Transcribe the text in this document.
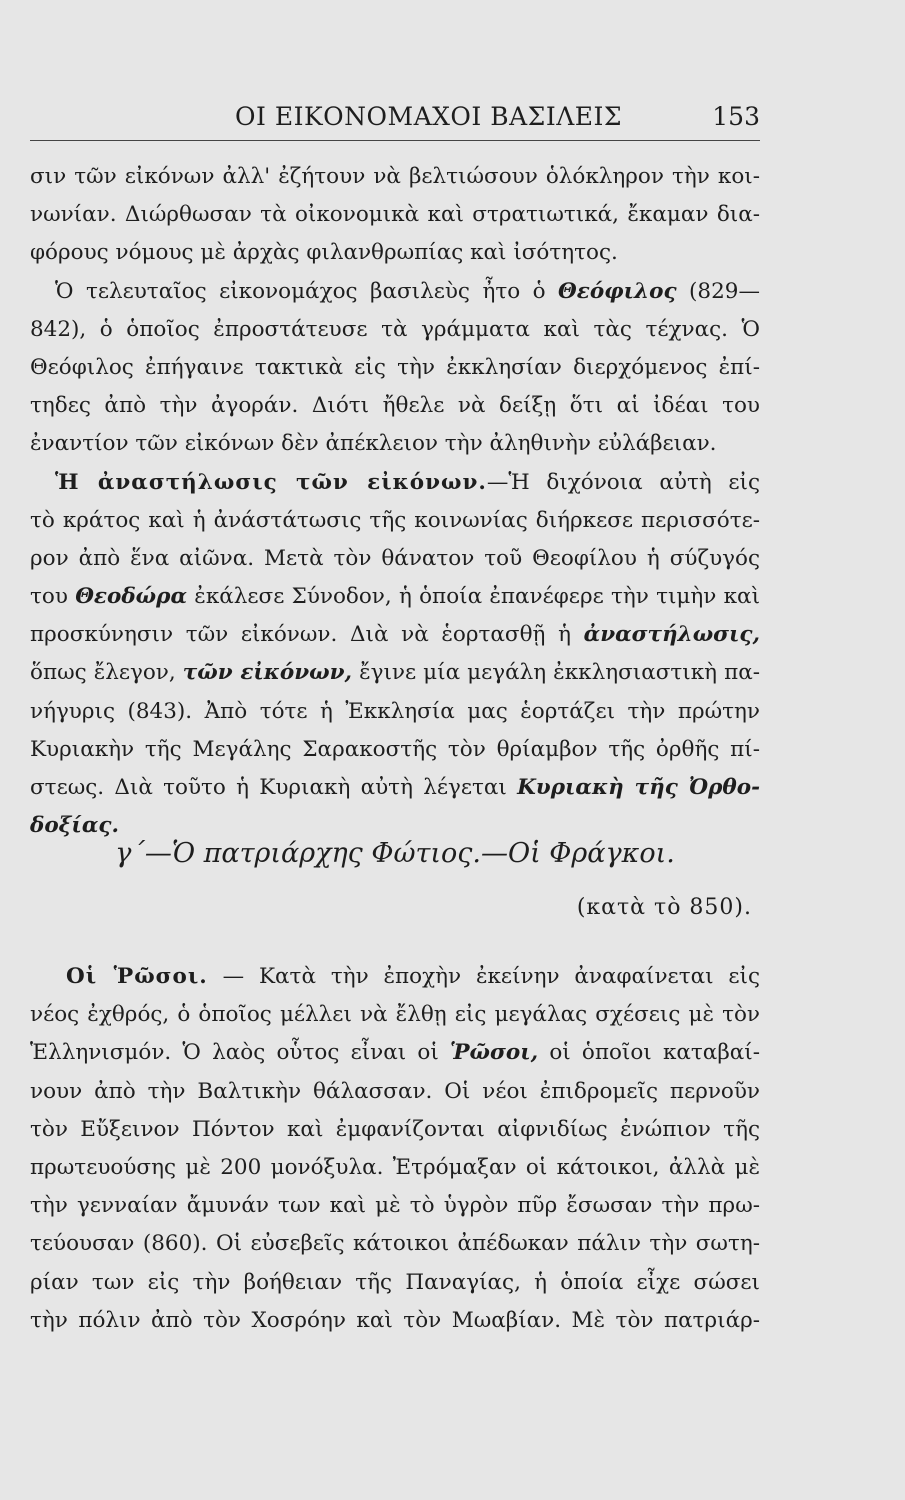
ΟΙ ΕΙΚΟΝΟΜΑΧΟΙ ΒΑΣΙΛΕΙΣ	153
σιν τῶν εἰκόνων ἀλλ' ἐζήτουν νὰ βελτιώσουν ὁλόκληρον τὴν κοι-
νωνίαν. Διώρθωσαν τὰ οἰκονομικὰ καὶ στρατιωτικά, ἔκαμαν δια-
φόρους νόμους μὲ ἀρχὰς φιλανθρωπίας καὶ ἰσότητος.
Ὁ τελευταῖος εἰκονομάχος βασιλεὺς ἦτο ὁ Θεόφιλος (829—
842), ὁ ὁποῖος ἐπροστάτευσε τὰ γράμματα καὶ τὰς τέχνας. Ὁ
Θεόφιλος ἐπήγαινε τακτικὰ εἰς τὴν ἐκκλησίαν διερχόμενος ἐπί-
τηδες ἀπὸ τὴν ἀγοράν. Διότι ἤθελε νὰ δείξῃ ὅτι αἱ ἰδέαι του
ἐναντίον τῶν εἰκόνων δὲν ἀπέκλειον τὴν ἀληθινὴν εὐλάβειαν.
Ἡ ἀναστήλωσις τῶν εἰκόνων.—Ἡ διχόνοια αὐτὴ εἰς
τὸ κράτος καὶ ἡ ἀνάστάτωσις τῆς κοινωνίας διήρκεσε περισσότε-
ρον ἀπὸ ἕνα αἰῶνα. Μετὰ τὸν θάνατον τοῦ Θεοφίλου ἡ σύζυγός
του Θεοδώρα ἐκάλεσε Σύνοδον, ἡ ὁποία ἐπανέφερε τὴν τιμὴν καὶ
προσκύνησιν τῶν εἰκόνων. Διὰ νὰ ἑορτασθῇ ἡ ἀναστήλωσις,
ὅπως ἔλεγον, τῶν εἰκόνων, ἔγινε μία μεγάλη ἐκκλησιαστικὴ πα-
νήγυρις (843). Ἀπὸ τότε ἡ Ἐκκλησία μας ἑορτάζει τὴν πρώτην
Κυριακὴν τῆς Μεγάλης Σαρακοστῆς τὸν θρίαμβον τῆς ὀρθῆς πί-
στεως. Διὰ τοῦτο ἡ Κυριακὴ αὐτὴ λέγεται Κυριακὴ τῆς Ὀρθο-
δοξίας.
γ΄—Ὁ πατριάρχης Φώτιος.—Οἱ Φράγκοι.
(κατὰ τὸ 850).
Οἱ Ῥῶσοι. — Κατὰ τὴν ἐποχὴν ἐκείνην ἀναφαίνεται εἰς
νέος ἐχθρός, ὁ ὁποῖος μέλλει νὰ ἔλθῃ εἰς μεγάλας σχέσεις μὲ τὸν
Ἑλληνισμόν. Ὁ λαὸς οὗτος εἶναι οἱ Ῥῶσοι, οἱ ὁποῖοι καταβαί-
νουν ἀπὸ τὴν Βαλτικὴν θάλασσαν. Οἱ νέοι ἐπιδρομεῖς περνοῦν
τὸν Εὔξεινον Πόντον καὶ ἐμφανίζονται αἰφνιδίως ἐνώπιον τῆς
πρωτευούσης μὲ 200 μονόξυλα. Ἐτρόμαξαν οἱ κάτοικοι, ἀλλὰ μὲ
τὴν γενναίαν ἄμυνάν των καὶ μὲ τὸ ὑγρὸν πῦρ ἔσωσαν τὴν πρω-
τεύουσαν (860). Οἱ εὐσεβεῖς κάτοικοι ἀπέδωκαν πάλιν τὴν σωτη-
ρίαν των εἰς τὴν βοήθειαν τῆς Παναγίας, ἡ ὁποία εἶχε σώσει
τὴν πόλιν ἀπὸ τὸν Χοσρόην καὶ τὸν Μωαβίαν. Μὲ τὸν πατριάρ-
